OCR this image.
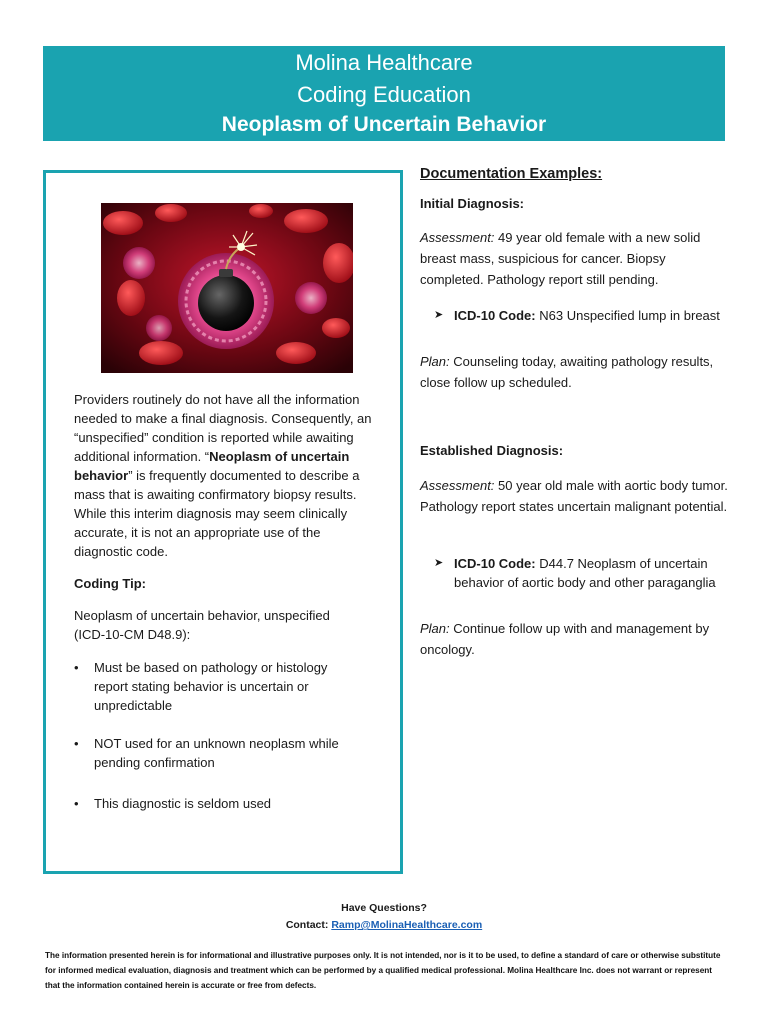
Molina Healthcare
Coding Education
Neoplasm of Uncertain Behavior

Providers routinely do not have all the information needed to make a final diagnosis. Consequently, an “unspecified” condition is reported while awaiting additional information. “Neoplasm of uncertain behavior” is frequently documented to describe a mass that is awaiting confirmatory biopsy results. While this interim diagnosis may seem clinically accurate, it is not an appropriate use of the diagnostic code.

Coding Tip:
Neoplasm of uncertain behavior, unspecified (ICD-10-CM D48.9):
• Must be based on pathology or histology report stating behavior is uncertain or unpredictable
• NOT used for an unknown neoplasm while pending confirmation
• This diagnostic is seldom used
Documentation Examples:
Initial Diagnosis:

Assessment: 49 year old female with a new solid breast mass, suspicious for cancer. Biopsy completed. Pathology report still pending.

➤ ICD-10 Code: N63 Unspecified lump in breast

Plan: Counseling today, awaiting pathology results, close follow up scheduled.

Established Diagnosis:

Assessment: 50 year old male with aortic body tumor. Pathology report states uncertain malignant potential.

➤ ICD-10 Code: D44.7 Neoplasm of uncertain behavior of aortic body and other paraganglia

Plan: Continue follow up with and management by oncology.

Have Questions?
Contact: Ramp@MolinaHealthcare.com
The information presented herein is for informational and illustrative purposes only. It is not intended, nor is it to be used, to define a standard of care or otherwise substitute for informed medical evaluation, diagnosis and treatment which can be performed by a qualified medical professional. Molina Healthcare Inc. does not warrant or represent that the information contained herein is accurate or free from defects.
